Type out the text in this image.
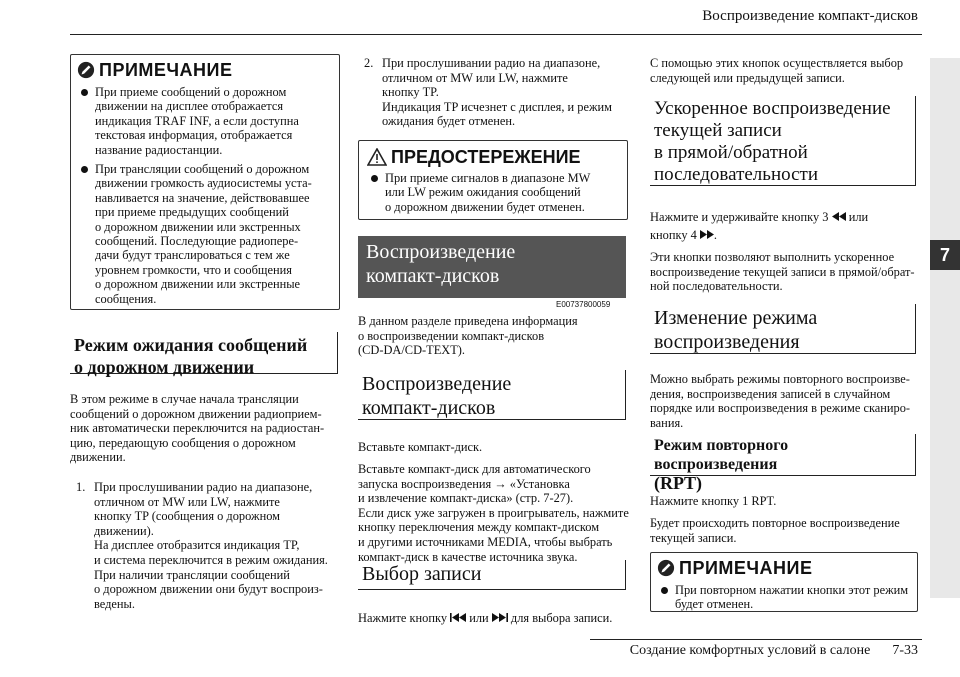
Воспроизведение компакт-дисков
7
ПРИМЕЧАНИЕ
При приеме сообщений о дорожном
движении на дисплее отображается
индикация TRAF INF, а если доступна
текстовая информация, отображается
название радиостанции.
При трансляции сообщений о дорожном
движении громкость аудиосистемы уста-
навливается на значение, действовавшее
при приеме предыдущих сообщений
о дорожном движении или экстренных
сообщений. Последующие радиопере-
дачи будут транслироваться с тем же
уровнем громкости, что и сообщения
о дорожном движении или экстренные
сообщения.
Режим ожидания сообщений
о дорожном движении
В этом режиме в случае начала трансляции
сообщений о дорожном движении радиоприем-
ник автоматически переключится на радиостан-
цию, передающую сообщения о дорожном
движении.
1. При прослушивании радио на диапазоне,
отличном от MW или LW, нажмите
кнопку TP (сообщения о дорожном
движении).
На дисплее отобразится индикация TP,
и система переключится в режим ожидания.
При наличии трансляции сообщений
о дорожном движении они будут воспроиз-
ведены.
2. При прослушивании радио на диапазоне,
отличном от MW или LW, нажмите
кнопку TP.
Индикация TP исчезнет с дисплея, и режим
ожидания будет отменен.
ПРЕДОСТЕРЕЖЕНИЕ
При приеме сигналов в диапазоне MW
или LW режим ожидания сообщений
о дорожном движении будет отменен.
Воспроизведение
компакт-дисков
E00737800059
В данном разделе приведена информация
о воспроизведении компакт-дисков
(CD-DA/CD-TEXT).
Воспроизведение
компакт-дисков
Вставьте компакт-диск.
Вставьте компакт-диск для автоматического
запуска воспроизведения → «Установка
и извлечение компакт-диска» (стр. 7-27).
Если диск уже загружен в проигрыватель, нажмите
кнопку переключения между компакт-диском
и другими источниками MEDIA, чтобы выбрать
компакт-диск в качестве источника звука.
Выбор записи
Нажмите кнопку или для выбора записи.
С помощью этих кнопок осуществляется выбор
следующей или предыдущей записи.
Ускоренное воспроизведение
текущей записи
в прямой/обратной
последовательности
Нажмите и удерживайте кнопку 3 или
кнопку 4 .
Эти кнопки позволяют выполнить ускоренное
воспроизведение текущей записи в прямой/обрат-
ной последовательности.
Изменение режима
воспроизведения
Можно выбрать режимы повторного воспроизве-
дения, воспроизведения записей в случайном
порядке или воспроизведения в режиме сканиро-
вания.
Режим повторного воспроизведения
(RPT)
Нажмите кнопку 1 RPT.
Будет происходить повторное воспроизведение
текущей записи.
ПРИМЕЧАНИЕ
При повторном нажатии кнопки этот режим
будет отменен.
Создание комфортных условий в салоне 7-33
